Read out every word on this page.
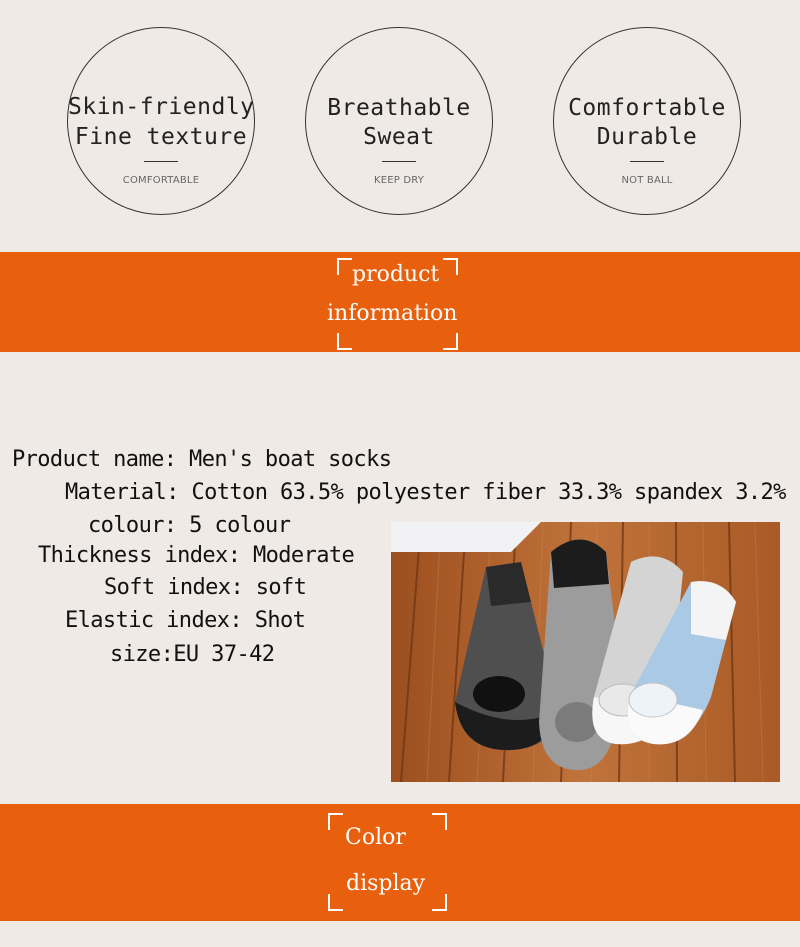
Skin-friendly
Fine texture
COMFORTABLE
Breathable
Sweat
KEEP DRY
Comfortable
Durable
NOT BALL
product
information
Product name: Men's boat socks
Material: Cotton 63.5% polyester fiber 33.3% spandex 3.2%
colour: 5 colour
Thickness index: Moderate
Soft index: soft
Elastic index: Shot
size:EU 37-42
Color
display
